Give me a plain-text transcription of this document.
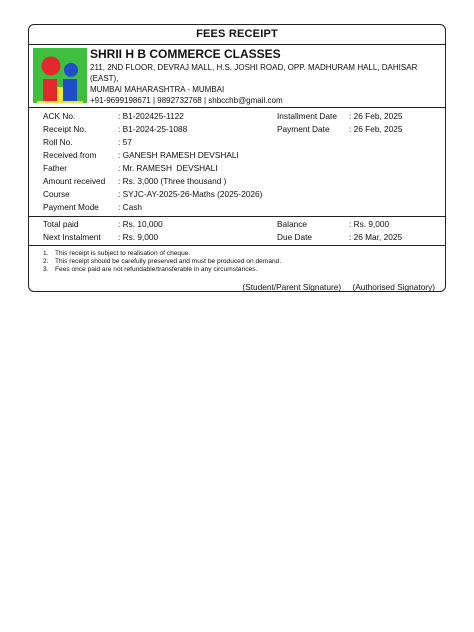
FEES RECEIPT
SHRII H B COMMERCE CLASSES
211, 2ND FLOOR, DEVRAJ MALL, H.S. JOSHI ROAD, OPP. MADHURAM HALL, DAHISAR (EAST),
MUMBAI MAHARASHTRA - MUMBAI
+91-9699198671 | 9892732768 | shbcchb@gmail.com
ACK No.	: B1-202425-1122	Installment Date : 26 Feb, 2025
Receipt No.	: B1-2024-25-1088	Payment Date : 26 Feb, 2025
Roll No.	: 57
Received from	: GANESH RAMESH DEVSHALI
Father	: Mr. RAMESH  DEVSHALI
Amount received : Rs. 3,000 (Three thousand )
Course	: SYJC-AY-2025-26-Maths (2025-2026)
Payment Mode : Cash
Total paid	: Rs. 10,000	Balance	: Rs. 9,000
Next Instalment : Rs. 9,000	Due Date	: 26 Mar, 2025
1. This receipt is subject to realisation of cheque.
2. This receipt should be carefully preserved and must be produced on demand.
3. Fees once paid are not refundable/transferable in any circumstances.
(Student/Parent Signature) (Authorised Signatory)
